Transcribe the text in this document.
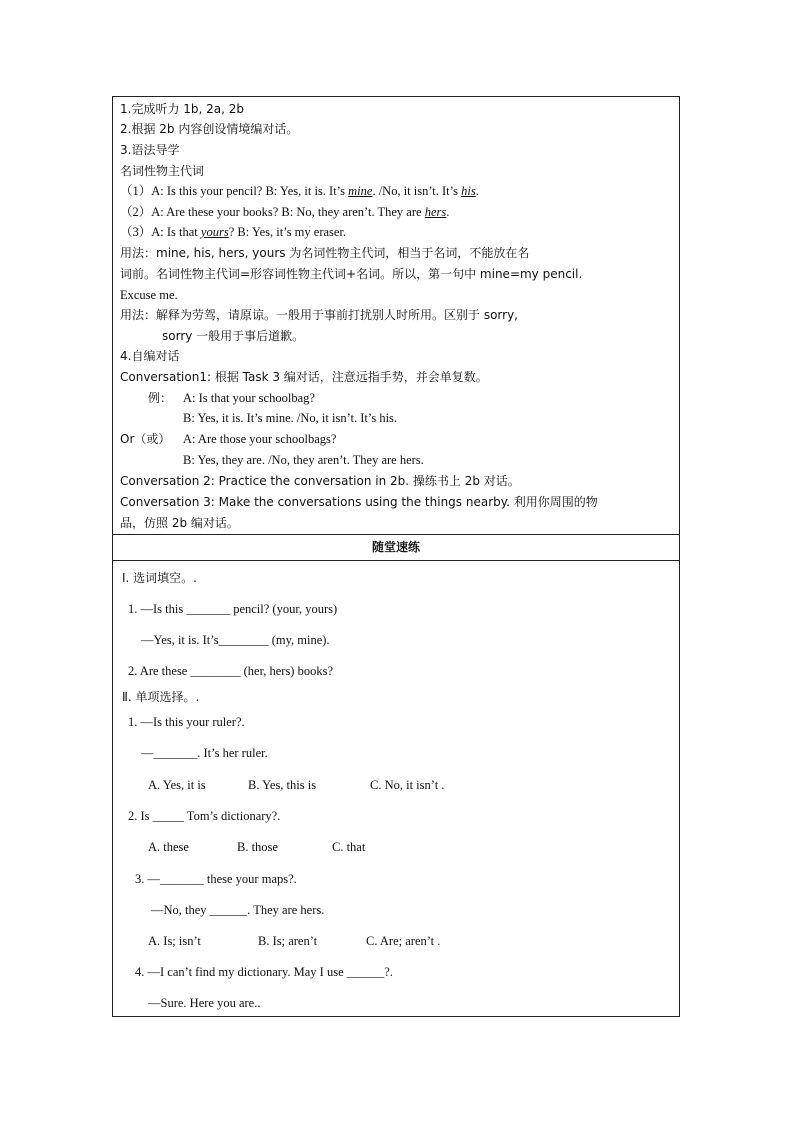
1.完成听力 1b, 2a, 2b
2.根据 2b 内容创设情境编对话。
3.语法导学
名词性物主代词
（1）A: Is this your pencil? B: Yes, it is. It’s mine. /No, it isn’t. It’s his.
（2）A: Are these your books? B: No, they aren’t. They are hers.
（3）A: Is that yours? B: Yes, it’s my eraser.
用法：mine, his, hers, yours 为名词性物主代词，相当于名词，不能放在名
词前。名词性物主代词=形容词性物主代词+名词。所以，第一句中 mine=my pencil.
Excuse me.
用法：解释为劳驾，请原谅。一般用于事前打扰别人时所用。区别于 sorry,
sorry 一般用于事后道歉。
4.自编对话
Conversation1: 根据 Task 3 编对话，注意远指手势，并会单复数。
例： A: Is that your schoolbag?
B: Yes, it is. It’s mine. /No, it isn’t. It’s his.
Or（或） A: Are those your schoolbags?
B: Yes, they are. /No, they aren’t. They are hers.
Conversation 2: Practice the conversation in 2b. 操练书上 2b 对话。
Conversation 3: Make the conversations using the things nearby. 利用你周围的物
品，仿照 2b 编对话。
随堂速练
Ⅰ. 选词填空。.
1. —Is this _______ pencil? (your, yours)
—Yes, it is. It’s________ (my, mine).
2. Are these ________ (her, hers) books?
Ⅱ. 单项选择。.
1. —Is this your ruler?.
—_______. It’s her ruler.
A. Yes, it is	B. Yes, this is	C. No, it isn’t .
2. Is _____ Tom’s dictionary?.
A. these	B. those	C. that
3. —_______ these your maps?.
—No, they ______. They are hers.
A. Is; isn’t	B. Is; aren’t	C. Are; aren’t .
4. —I can’t find my dictionary. May I use ______?.
—Sure. Here you are..
